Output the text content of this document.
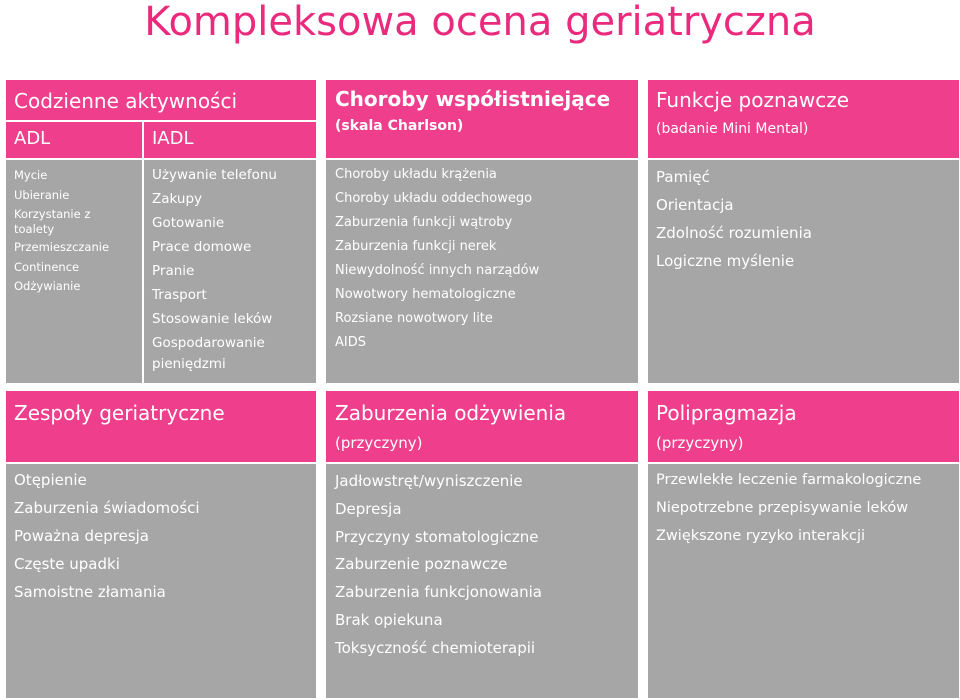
Kompleksowa ocena geriatryczna
Codzienne aktywności
ADL	IADL
Mycie
Ubieranie
Korzystanie z
toalety
Przemieszczanie
Continence
Odżywianie
Używanie telefonu
Zakupy
Gotowanie
Prace domowe
Pranie
Trasport
Stosowanie leków
Gospodarowanie
pieniędzmi
Choroby współistniejące
(skala Charlson)
Choroby układu krążenia
Choroby układu oddechowego
Zaburzenia funkcji wątroby
Zaburzenia funkcji nerek
Niewydolność innych narządów
Nowotwory hematologiczne
Rozsiane nowotwory lite
AIDS
Funkcje poznawcze
(badanie Mini Mental)
Pamięć
Orientacja
Zdolność rozumienia
Logiczne myślenie
Zespoły geriatryczne
Otępienie
Zaburzenia świadomości
Poważna depresja
Częste upadki
Samoistne złamania
Zaburzenia odżywienia
(przyczyny)
Jadłowstręt/wyniszczenie
Depresja
Przyczyny stomatologiczne
Zaburzenie poznawcze
Zaburzenia funkcjonowania
Brak opiekuna
Toksyczność chemioterapii
Polipragmazja
(przyczyny)
Przewlekłe leczenie farmakologiczne
Niepotrzebne przepisywanie leków
Zwiększone ryzyko interakcji
